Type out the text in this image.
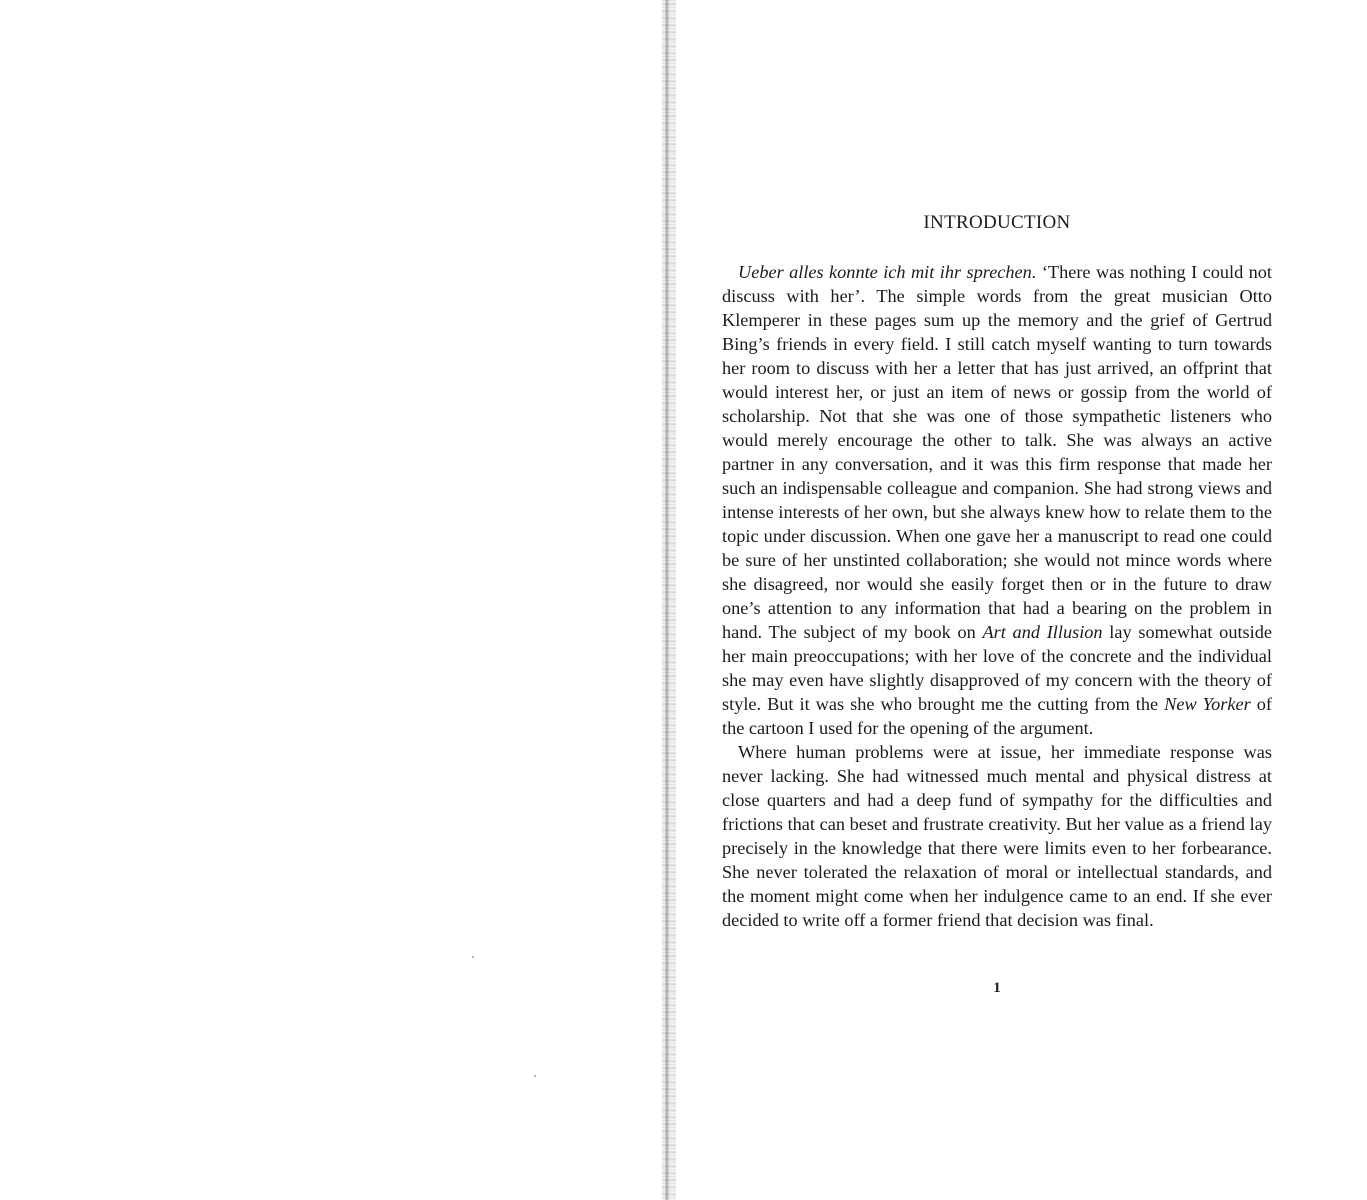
INTRODUCTION

Ueber alles konnte ich mit ihr sprechen. ‘There was nothing I could not discuss with her’. The simple words from the great musician Otto Klemperer in these pages sum up the memory and the grief of Gertrud Bing’s friends in every field. I still catch myself wanting to turn towards her room to discuss with her a letter that has just arrived, an offprint that would interest her, or just an item of news or gossip from the world of scholarship. Not that she was one of those sympathetic listeners who would merely encourage the other to talk. She was always an active partner in any conversation, and it was this firm response that made her such an indispensable colleague and companion. She had strong views and intense interests of her own, but she always knew how to relate them to the topic under discussion. When one gave her a manuscript to read one could be sure of her unstinted collaboration; she would not mince words where she disagreed, nor would she easily forget then or in the future to draw one’s attention to any information that had a bearing on the problem in hand. The subject of my book on Art and Illusion lay somewhat outside her main preoccupations; with her love of the concrete and the individual she may even have slightly disapproved of my concern with the theory of style. But it was she who brought me the cutting from the New Yorker of the cartoon I used for the opening of the argument.

Where human problems were at issue, her immediate response was never lacking. She had witnessed much mental and physical distress at close quarters and had a deep fund of sympathy for the difficulties and frictions that can beset and frustrate creativity. But her value as a friend lay precisely in the knowledge that there were limits even to her forbearance. She never tolerated the relaxation of moral or intellectual standards, and the moment might come when her indulgence came to an end. If she ever decided to write off a former friend that decision was final.

1
